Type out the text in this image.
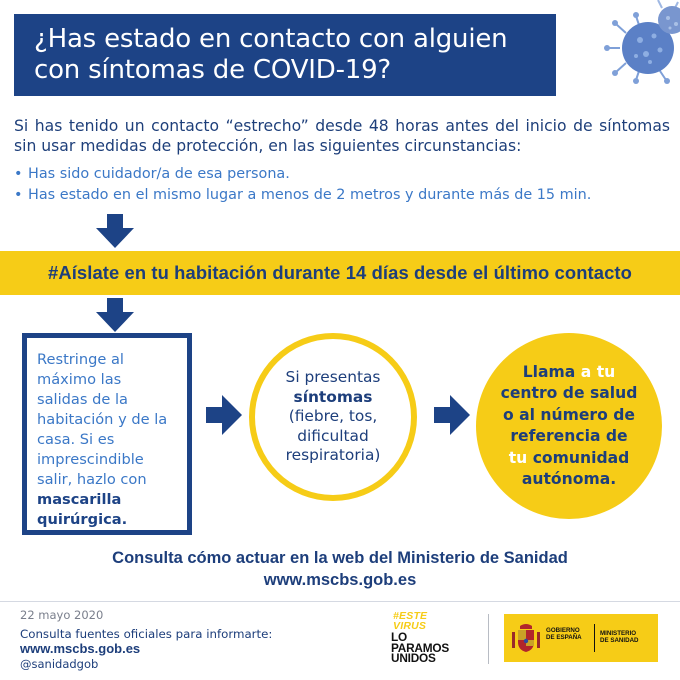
¿Has estado en contacto con alguien
con síntomas de COVID-19?

Si has tenido un contacto “estrecho” desde 48 horas antes del inicio de síntomas sin usar medidas de protección, en las siguientes circunstancias:

• Has sido cuidador/a de esa persona.
• Has estado en el mismo lugar a menos de 2 metros y durante más de 15 min.
#Aíslate en tu habitación durante 14 días desde el último contacto
Restringe al
máximo las
salidas de la
habitación y de la
casa. Si es
imprescindible
salir, hazlo con
mascarilla
quirúrgica.
Si presentas
síntomas
(fiebre, tos,
dificultad
respiratoria)
Llama a tu
centro de salud
o al número de
referencia de
tu comunidad
autónoma.
Consulta cómo actuar en la web del Ministerio de Sanidad
www.mscbs.gob.es
22 mayo 2020
Consulta fuentes oficiales para informarte:
www.mscbs.gob.es
@sanidadgob
#ESTE
VIRUS
LO
PARAMOS
UNIDOS
GOBIERNO
DE ESPAÑA
MINISTERIO
DE SANIDAD
